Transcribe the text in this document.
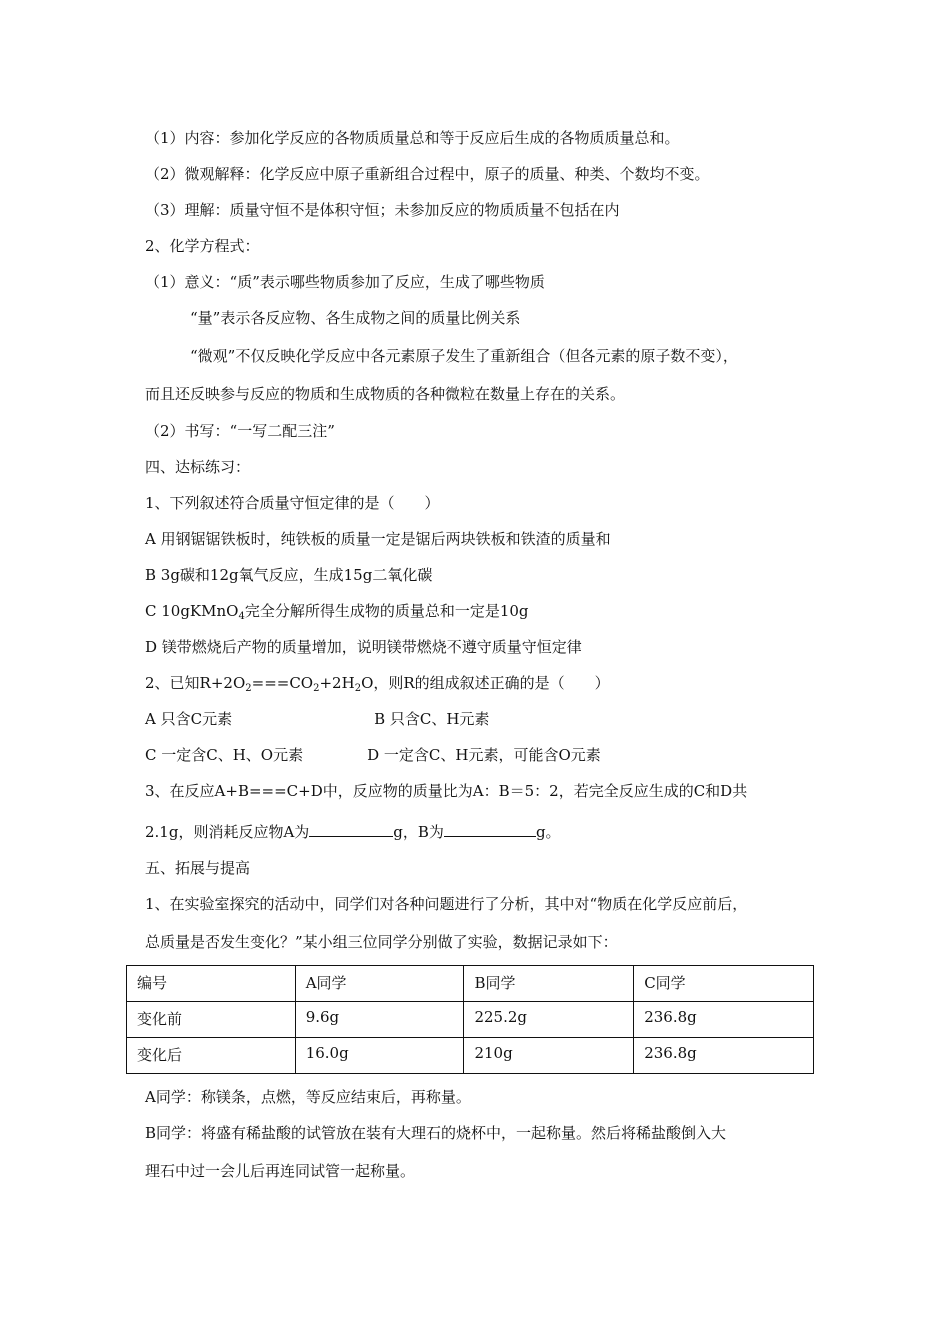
（1）内容：参加化学反应的各物质质量总和等于反应后生成的各物质质量总和。
（2）微观解释：化学反应中原子重新组合过程中，原子的质量、种类、个数均不变。
（3）理解：质量守恒不是体积守恒；未参加反应的物质质量不包括在内
2、化学方程式：
（1）意义：“质”表示哪些物质参加了反应，生成了哪些物质
“量”表示各反应物、各生成物之间的质量比例关系
“微观”不仅反映化学反应中各元素原子发生了重新组合（但各元素的原子数不变），
而且还反映参与反应的物质和生成物质的各种微粒在数量上存在的关系。
（2）书写：“一写二配三注”
四、达标练习：
1、下列叙述符合质量守恒定律的是（　　）
A 用钢锯锯铁板时，纯铁板的质量一定是锯后两块铁板和铁渣的质量和
B 3g碳和12g氧气反应，生成15g二氧化碳
C 10gKMnO$_4$完全分解所得生成物的质量总和一定是10g
D 镁带燃烧后产物的质量增加，说明镁带燃烧不遵守质量守恒定律
2、已知$R+2O_2===CO_2+2H_2O$，则R的组成叙述正确的是（　　）
A 只含C元素	B 只含C、H元素
C 一定含C、H、O元素	D 一定含C、H元素，可能含O元素
3、在反应A+B===C+D中，反应物的质量比为A：B＝5：2，若完全反应生成的C和D共
2.1g，则消耗反应物A为	g，B为	g。
五、拓展与提高
1、在实验室探究的活动中，同学们对各种问题进行了分析，其中对“物质在化学反应前后，
总质量是否发生变化？”某小组三位同学分别做了实验，数据记录如下：
编号	A同学	B同学	C同学
变化前	9.6g	225.2g	236.8g
变化后	16.0g	210g	236.8g
A同学：称镁条，点燃，等反应结束后，再称量。
B同学：将盛有稀盐酸的试管放在装有大理石的烧杯中，一起称量。然后将稀盐酸倒入大
理石中过一会儿后再连同试管一起称量。
